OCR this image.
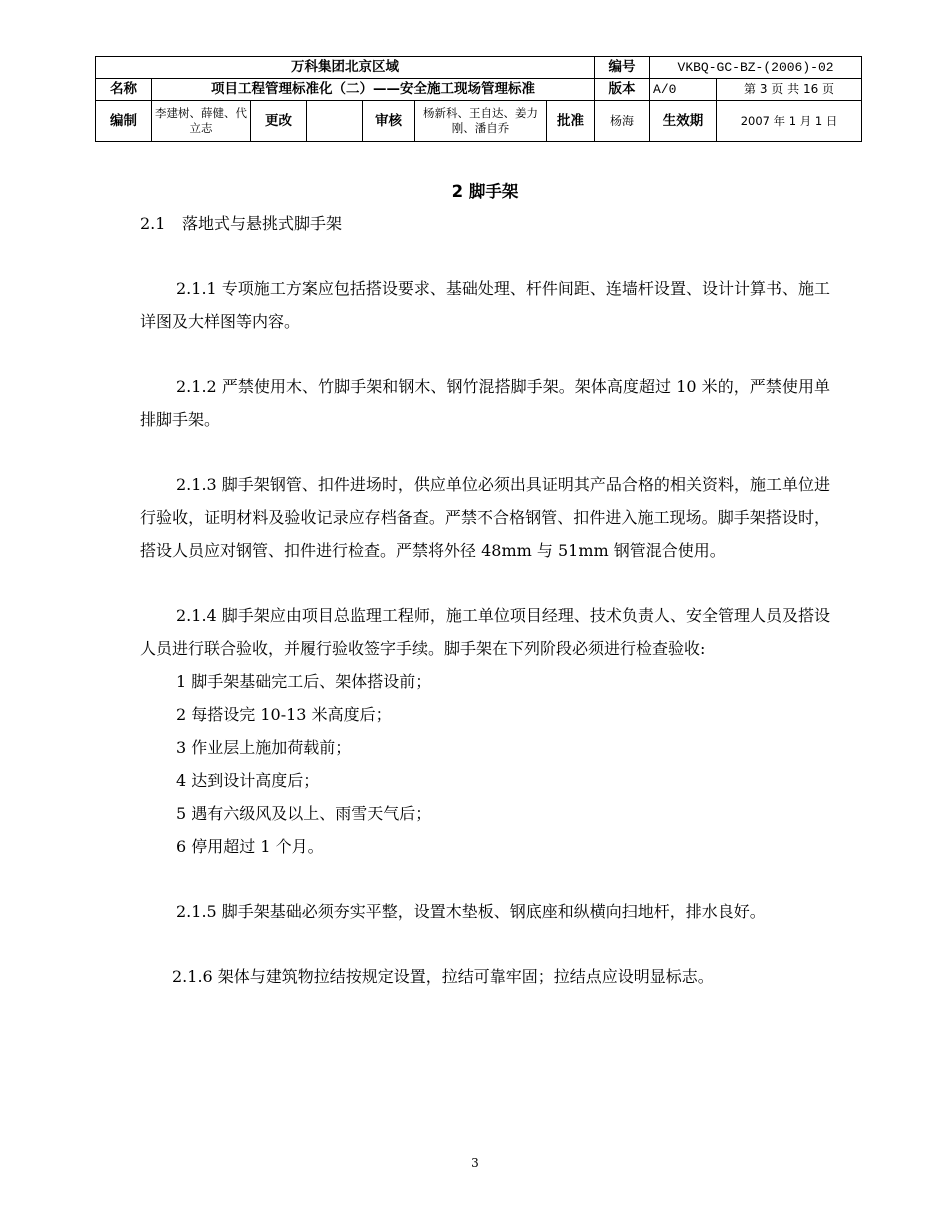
万科集团北京区域							编号	VKBQ-GC-BZ-(2006)-02	
名称	项目工程管理标准化（二）——安全施工现场管理标准						版本	A/0	第 3 页 共 16 页
编制	李建树、薛健、代立志	更改		审核	杨新科、王自达、姜力刚、潘自乔	批准	杨海	生效期	2007 年 1 月 1 日
2 脚手架
2.1 落地式与悬挑式脚手架

2.1.1 专项施工方案应包括搭设要求、基础处理、杆件间距、连墙杆设置、设计计算书、施工详图及大样图等内容。

2.1.2 严禁使用木、竹脚手架和钢木、钢竹混搭脚手架。架体高度超过 10 米的，严禁使用单排脚手架。

2.1.3 脚手架钢管、扣件进场时，供应单位必须出具证明其产品合格的相关资料，施工单位进行验收，证明材料及验收记录应存档备查。严禁不合格钢管、扣件进入施工现场。脚手架搭设时，搭设人员应对钢管、扣件进行检查。严禁将外径 48mm 与 51mm 钢管混合使用。

2.1.4 脚手架应由项目总监理工程师，施工单位项目经理、技术负责人、安全管理人员及搭设人员进行联合验收，并履行验收签字手续。脚手架在下列阶段必须进行检查验收:

1 脚手架基础完工后、架体搭设前；

2 每搭设完 10-13 米高度后；

3 作业层上施加荷载前；

4 达到设计高度后；

5 遇有六级风及以上、雨雪天气后；

6 停用超过 1 个月。

2.1.5 脚手架基础必须夯实平整，设置木垫板、钢底座和纵横向扫地杆，排水良好。

2.1.6 架体与建筑物拉结按规定设置，拉结可靠牢固；拉结点应设明显标志。

3
